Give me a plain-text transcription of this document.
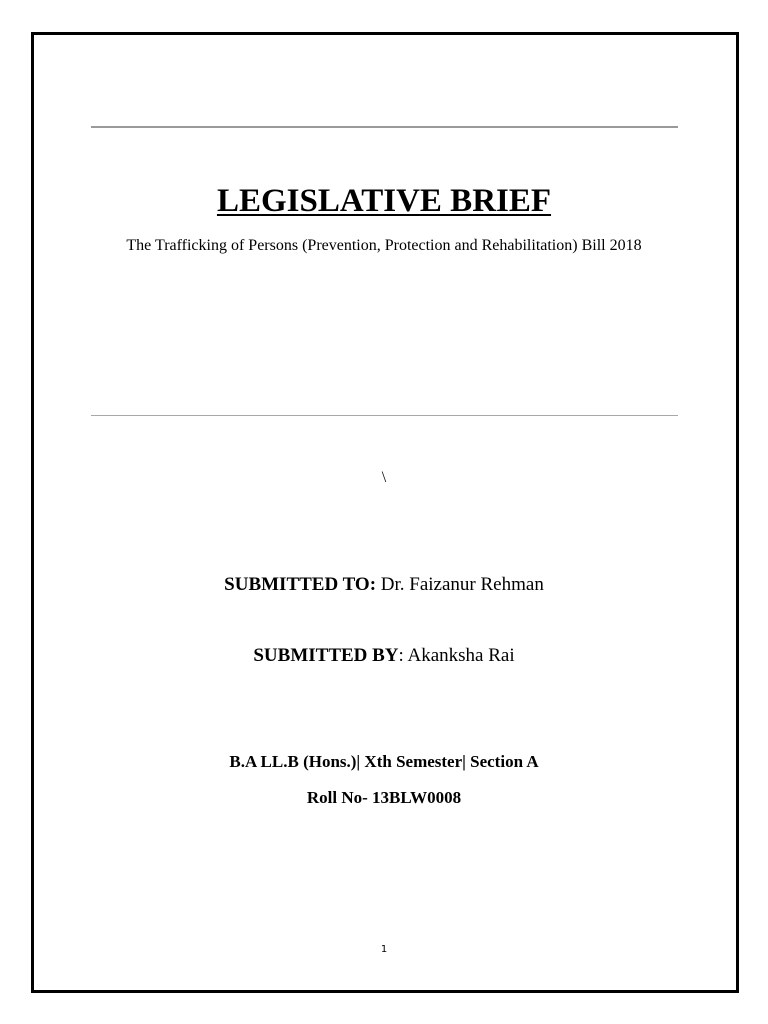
LEGISLATIVE BRIEF
The Trafficking of Persons (Prevention, Protection and Rehabilitation) Bill 2018
\
SUBMITTED TO: Dr. Faizanur Rehman
SUBMITTED BY: Akanksha Rai
B.A LL.B (Hons.)| Xth Semester| Section A
Roll No- 13BLW0008
1
